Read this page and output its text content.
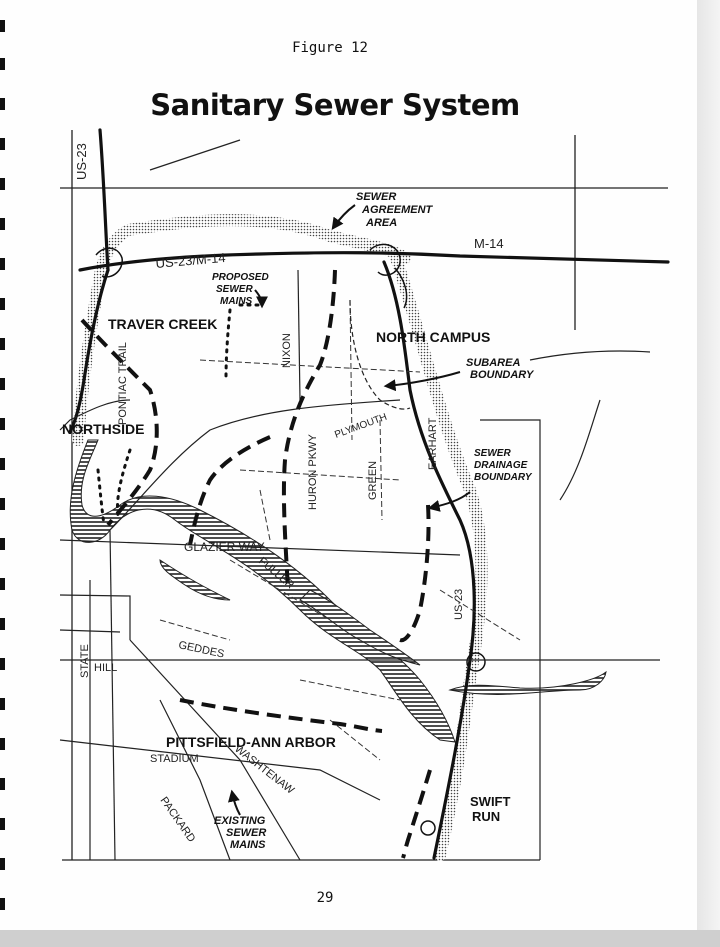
Figure 12
Sanitary Sewer System
US-23
US-23/M-14
M-14
SEWER
AGREEMENT
AREA
PROPOSED
SEWER
MAINS
TRAVER CREEK
NORTH CAMPUS
SUBAREA
BOUNDARY
NORTHSIDE
PONTIAC TRAIL	NIXON
PLYMOUTH
HURON PKWY	GREEN
EARHART	SEWER
DRAINAGE
BOUNDARY
GLAZIER WAY
FULLER
US-23
STATE HILL
GEDDES
PITTSFIELD-ANN ARBOR
STADIUM	WASHTENAW
PACKARD EXISTING
SEWER
MAINS
SWIFT
RUN
29
